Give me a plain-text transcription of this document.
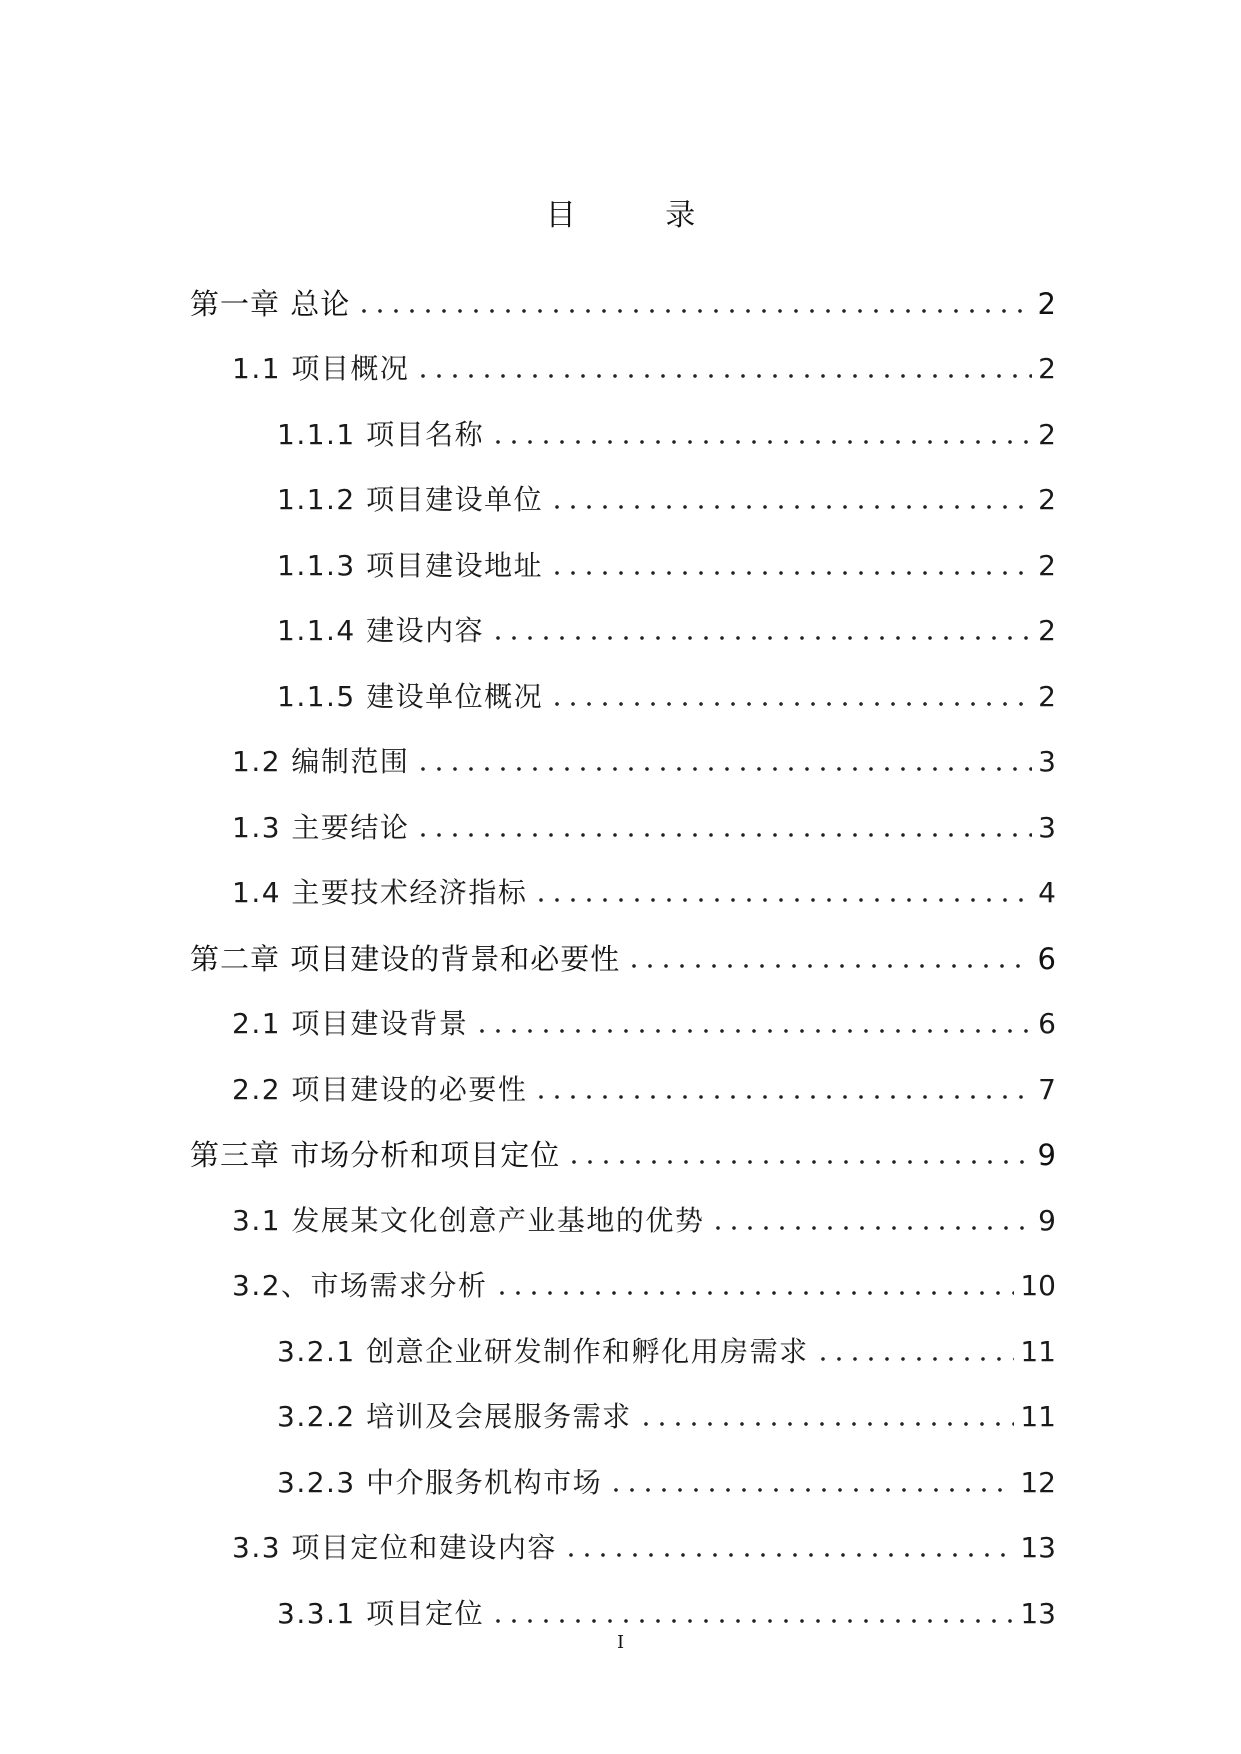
目 录
第一章 总论	2
1.1 项目概况	2
1.1.1 项目名称	2
1.1.2 项目建设单位	2
1.1.3 项目建设地址	2
1.1.4 建设内容	2
1.1.5 建设单位概况	2
1.2 编制范围	3
1.3 主要结论	3
1.4 主要技术经济指标	4
第二章 项目建设的背景和必要性	6
2.1 项目建设背景	6
2.2 项目建设的必要性	7
第三章 市场分析和项目定位	9
3.1 发展某文化创意产业基地的优势	9
3.2、市场需求分析	10
3.2.1 创意企业研发制作和孵化用房需求	11
3.2.2 培训及会展服务需求	11
3.2.3 中介服务机构市场	12
3.3 项目定位和建设内容	13
3.3.1 项目定位	13
I
